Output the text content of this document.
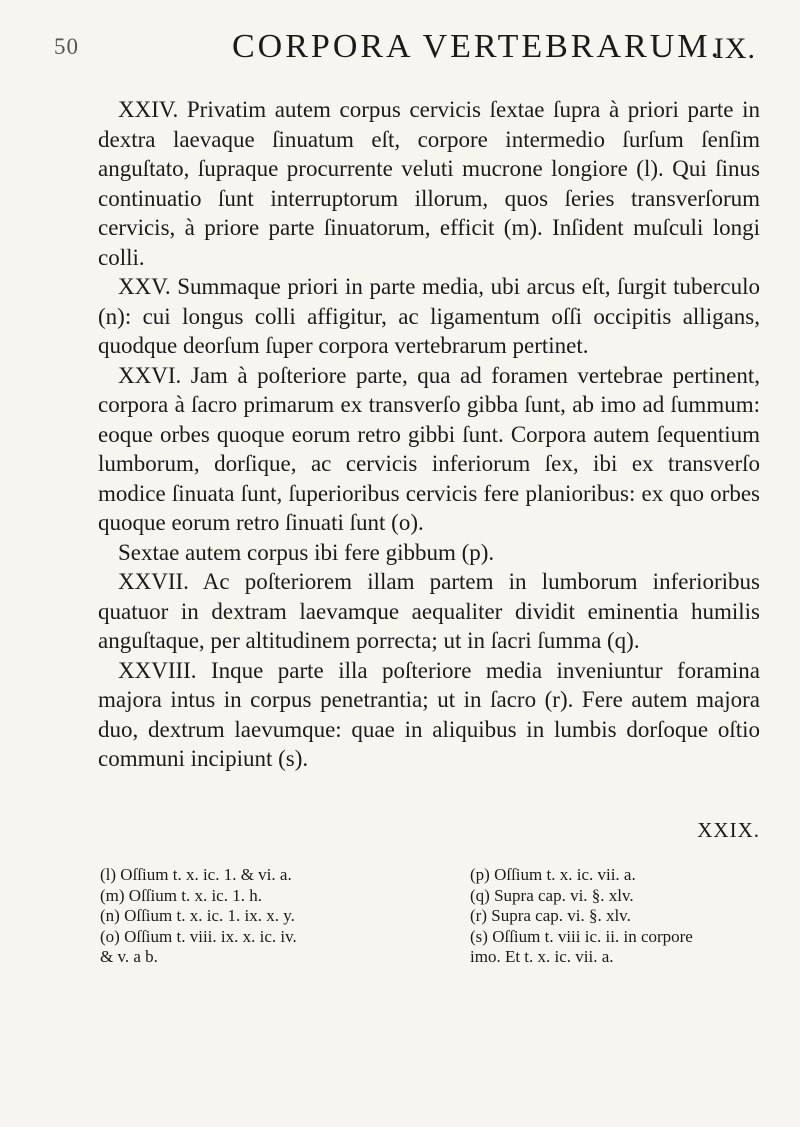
50	CORPORA VERTEBRARUM.
IX.

XXIV. Privatim autem corpus cervicis ſextae ſupra à priori parte in dextra laevaque ſinuatum eſt, corpore intermedio ſurſum ſenſim anguſtato, ſupraque procurrente veluti mucrone longiore (l). Qui ſinus continuatio ſunt interruptorum illorum, quos ſeries transverſorum cervicis, à priore parte ſinuatorum, efficit (m). Inſident muſculi longi colli.

XXV. Summaque priori in parte media, ubi arcus eſt, ſurgit tuberculo (n): cui longus colli affigitur, ac ligamentum oſſi occipitis alligans, quodque deorſum ſuper corpora vertebrarum pertinet.

XXVI. Jam à poſteriore parte, qua ad foramen vertebrae pertinent, corpora à ſacro primarum ex transverſo gibba ſunt, ab imo ad ſummum: eoque orbes quoque eorum retro gibbi ſunt. Corpora autem ſequentium lumborum, dorſique, ac cervicis inferiorum ſex, ibi ex transverſo modice ſinuata ſunt, ſuperioribus cervicis fere planioribus: ex quo orbes quoque eorum retro ſinuati ſunt (o).

Sextae autem corpus ibi fere gibbum (p).

XXVII. Ac poſteriorem illam partem in lumborum inferioribus quatuor in dextram laevamque aequaliter dividit eminentia humilis anguſtaque, per altitudinem porrecta; ut in ſacri ſumma (q).

XXVIII. Inque parte illa poſteriore media inveniuntur foramina majora intus in corpus penetrantia; ut in ſacro (r). Fere autem majora duo, dextrum laevumque: quae in aliquibus in lumbis dorſoque oſtio communi incipiunt (s).

XXIX.

(l) Oſſium t. x. ic. 1. & vi. a.

(m) Oſſium t. x. ic. 1. h.

(n) Oſſium t. x. ic. 1. ix. x. y.

(o) Oſſium t. viii. ix. x. ic. iv.

& v. a b.

(p) Oſſium t. x. ic. vii. a.

(q) Supra cap. vi. §. xlv.

(r) Supra cap. vi. §. xlv.

(s) Oſſium t. viii ic. ii. in corpore

imo. Et t. x. ic. vii. a.
